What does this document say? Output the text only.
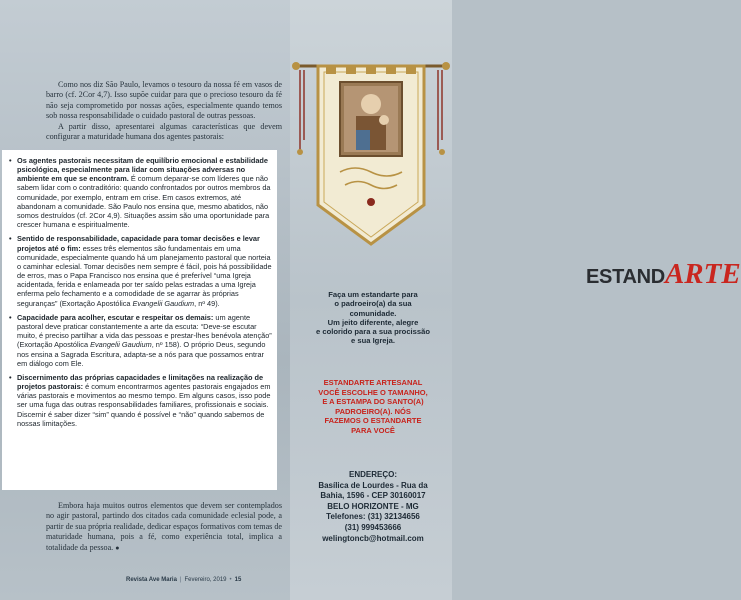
Como nos diz São Paulo, levamos o tesouro da nossa fé em vasos de barro (cf. 2Cor 4,7). Isso supõe cuidar para que o precioso tesouro da fé não seja comprometido por nossas ações, especialmente quando temos sob nossa responsabilidade o cuidado pastoral de outras pessoas.

A partir disso, apresentarei algumas características que devem configurar a maturidade humana dos agentes pastorais:

• Os agentes pastorais necessitam de equilíbrio emocional e estabilidade psicológica, especialmente para lidar com situações adversas no ambiente em que se encontram. É comum deparar-se com líderes que não sabem lidar com o contraditório: quando confrontados por outros membros da comunidade, por exemplo, entram em crise. Em casos extremos, até abandonam a comunidade. São Paulo nos ensina que, mesmo abatidos, não somos destruídos (cf. 2Cor 4,9). Situações assim são uma oportunidade para crescer humana e espiritualmente.
• Sentido de responsabilidade, capacidade para tomar decisões e levar projetos até o fim: esses três elementos são fundamentais em uma comunidade, especialmente quando há um planejamento pastoral que norteia o caminhar eclesial. Tomar decisões nem sempre é fácil, pois há possibilidade de erros, mas o Papa Francisco nos ensina que é preferível “uma Igreja acidentada, ferida e enlameada por ter saído pelas estradas a uma Igreja enferma pelo fechamento e a comodidade de se agarrar às próprias seguranças” (Exortação Apostólica Evangelii Gaudium, nº 49).
• Capacidade para acolher, escutar e respeitar os demais: um agente pastoral deve praticar constantemente a arte da escuta: “Deve-se escutar muito, é preciso partilhar a vida das pessoas e prestar-lhes benévola atenção” (Exortação Apostólica Evangelii Gaudium, nº 158). O próprio Deus, segundo nos ensina a Sagrada Escritura, adapta-se a nós para que possamos entrar em diálogo com Ele.
• Discernimento das próprias capacidades e limitações na realização de projetos pastorais: é comum encontrarmos agentes pastorais engajados em várias pastorais e movimentos ao mesmo tempo. Em alguns casos, isso pode ser uma fuga das outras responsabilidades familiares, profissionais e sociais. Discernir é saber dizer “sim” quando é possível e “não” quando sabemos de nossas limitações.

Embora haja muitos outros elementos que devem ser contemplados no agir pastoral, partindo dos citados cada comunidade eclesial pode, a partir de sua própria realidade, dedicar espaços formativos com temas de maturidade humana, pois a fé, como experiência total, implica a totalidade da pessoa. ●

Revista Ave Maria | Fevereiro, 2019 • 15
ESTANDARTE
Faça um estandarte para
o padroeiro(a) da sua
comunidade.
Um jeito diferente, alegre
e colorido para a sua procissão
e sua Igreja.
ESTANDARTE ARTESANAL
VOCÊ ESCOLHE O TAMANHO,
E A ESTAMPA DO SANTO(A)
PADROEIRO(A). NÓS
FAZEMOS O ESTANDARTE
PARA VOCÊ
ENDEREÇO:
Basílica de Lourdes - Rua da
Bahia, 1596 - CEP 30160017
BELO HORIZONTE - MG
Telefones: (31) 32134656
(31) 999453666
welingtoncb@hotmail.com
